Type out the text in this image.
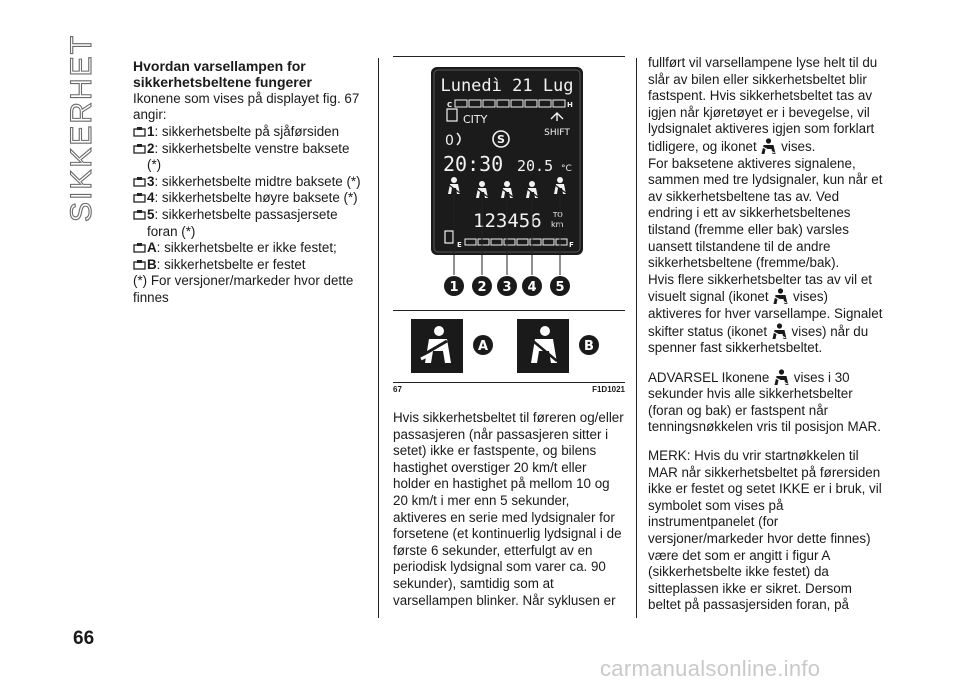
SIKKERHET	Hvordan varsellampen for sikkerhetsbeltene fungerer

Ikonene som vises på displayet fig. 67 angir:

1: sikkerhetsbelte på sjåførsiden
2: sikkerhetsbelte venstre baksete (*)
3: sikkerhetsbelte midtre baksete (*)
4: sikkerhetsbelte høyre baksete (*)
5: sikkerhetsbelte passasjersete foran (*)
A: sikkerhetsbelte er ikke festet;
B: sikkerhetsbelte er festet

(*) For versjoner/markeder hvor dette finnes

Lunedì 21 Lug
C	H
CITY
0	S	SHIFT
20:30 20.5 °C
123456 TO
km
E	F
1 2 3 4 5
A	B
67	F1D1021

Hvis sikkerhetsbeltet til føreren og/eller passasjeren (når passasjeren sitter i setet) ikke er fastspente, og bilens hastighet overstiger 20 km/t eller holder en hastighet på mellom 10 og 20 km/t i mer enn 5 sekunder, aktiveres en serie med lydsignaler for forsetene (et kontinuerlig lydsignal i de første 6 sekunder, etterfulgt av en periodisk lydsignal som varer ca. 90 sekunder), samtidig som at varsellampen blinker. Når syklusen er

fullført vil varsellampene lyse helt til du slår av bilen eller sikkerhetsbeltet blir fastspent. Hvis sikkerhetsbeltet tas av igjen når kjøretøyet er i bevegelse, vil lydsignalet aktiveres igjen som forklart tidligere, og ikonet  vises.

For baksetene aktiveres signalene, sammen med tre lydsignaler, kun når et av sikkerhetsbeltene tas av. Ved endring i ett av sikkerhetsbeltenes tilstand (fremme eller bak) varsles uansett tilstandene til de andre sikkerhetsbeltene (fremme/bak).

Hvis flere sikkerhetsbelter tas av vil et visuelt signal (ikonet  vises) aktiveres for hver varsellampe. Signalet skifter status (ikonet  vises) når du spenner fast sikkerhetsbeltet.

ADVARSEL Ikonene  vises i 30 sekunder hvis alle sikkerhetsbelter (foran og bak) er fastspent når tenningsnøkkelen vris til posisjon MAR.

MERK: Hvis du vrir startnøkkelen til MAR når sikkerhetsbeltet på førersiden ikke er festet og setet IKKE er i bruk, vil symbolet som vises på instrumentpanelet (for versjoner/markeder hvor dette finnes) være det som er angitt i figur A (sikkerhetsbelte ikke festet) da sitteplassen ikke er sikret. Dersom beltet på passasjersiden foran, på

66
carmanualsonline.info
